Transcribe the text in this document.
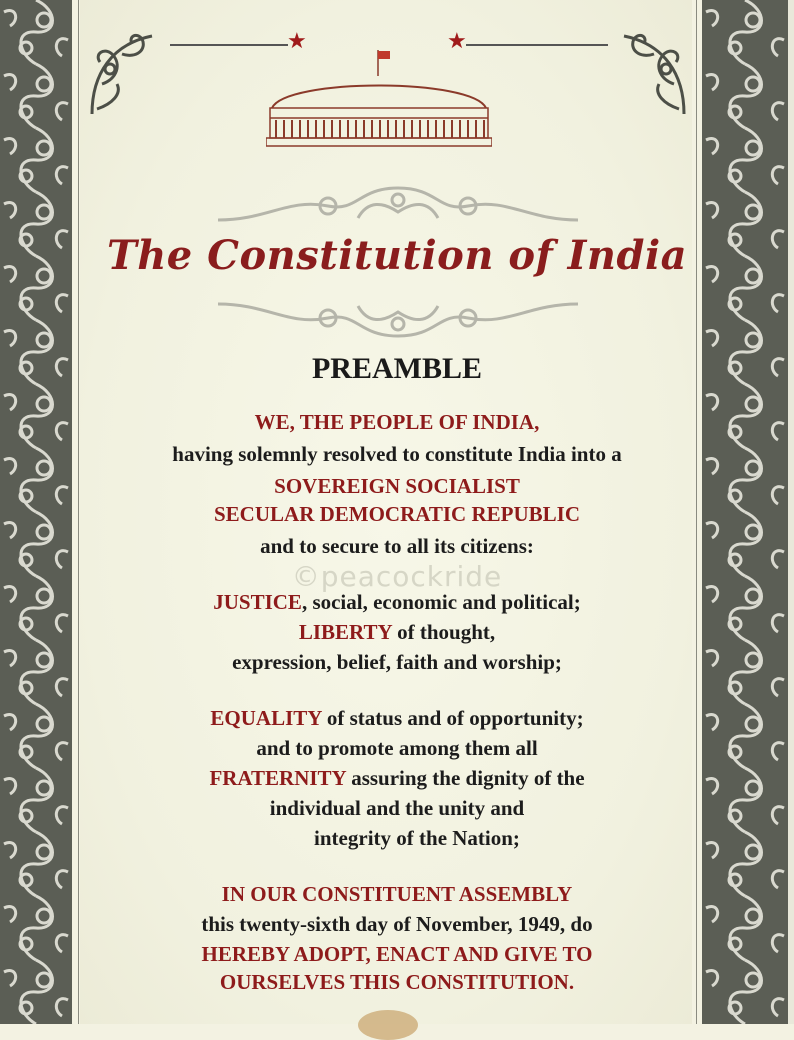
★	★
The Constitution of India
PREAMBLE
©peacockride
WE, THE PEOPLE OF INDIA,
having solemnly resolved to constitute India into a
SOVEREIGN SOCIALIST
SECULAR DEMOCRATIC REPUBLIC
and to secure to all its citizens:
JUSTICE, social, economic and political;
LIBERTY of thought,
expression, belief, faith and worship;
EQUALITY of status and of opportunity;
and to promote among them all
FRATERNITY assuring the dignity of the
individual and the unity and
integrity of the Nation;
IN OUR CONSTITUENT ASSEMBLY
this twenty-sixth day of November, 1949, do
HEREBY ADOPT, ENACT AND GIVE TO
OURSELVES THIS CONSTITUTION.
